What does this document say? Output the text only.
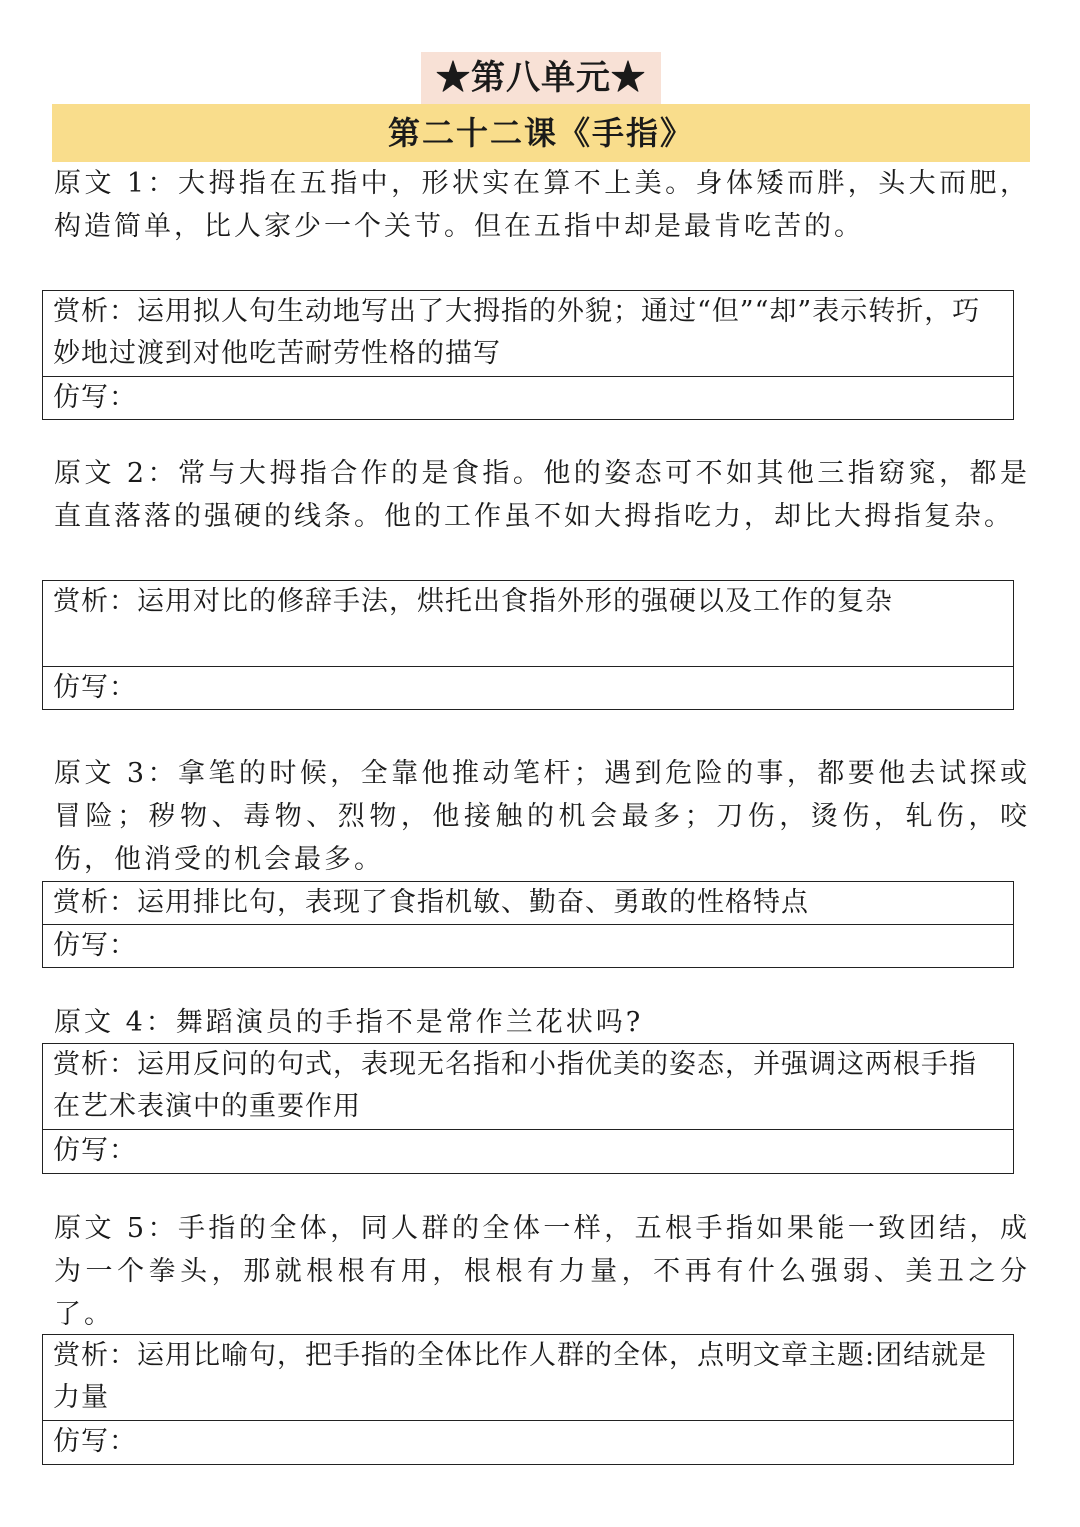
★第八单元★
第二十二课《手指》

原文 1：大拇指在五指中，形状实在算不上美。身体矮而胖，头大而肥，构造简单，比人家少一个关节。但在五指中却是最肯吃苦的。

赏析：运用拟人句生动地写出了大拇指的外貌；通过“但”“却”表示转折，巧妙地过渡到对他吃苦耐劳性格的描写
仿写：

原文 2：常与大拇指合作的是食指。他的姿态可不如其他三指窈窕，都是直直落落的强硬的线条。他的工作虽不如大拇指吃力，却比大拇指复杂。

赏析：运用对比的修辞手法，烘托出食指外形的强硬以及工作的复杂
仿写：

原文 3：拿笔的时候，全靠他推动笔杆；遇到危险的事，都要他去试探或冒险；秽物、毒物、烈物，他接触的机会最多；刀伤，烫伤，轧伤，咬伤，他消受的机会最多。

赏析：运用排比句，表现了食指机敏、勤奋、勇敢的性格特点
仿写：

原文 4：舞蹈演员的手指不是常作兰花状吗?

赏析：运用反问的句式，表现无名指和小指优美的姿态，并强调这两根手指在艺术表演中的重要作用
仿写：

原文 5：手指的全体，同人群的全体一样，五根手指如果能一致团结，成为一个拳头，那就根根有用，根根有力量，不再有什么强弱、美丑之分了。

赏析：运用比喻句，把手指的全体比作人群的全体，点明文章主题:团结就是力量
仿写：
